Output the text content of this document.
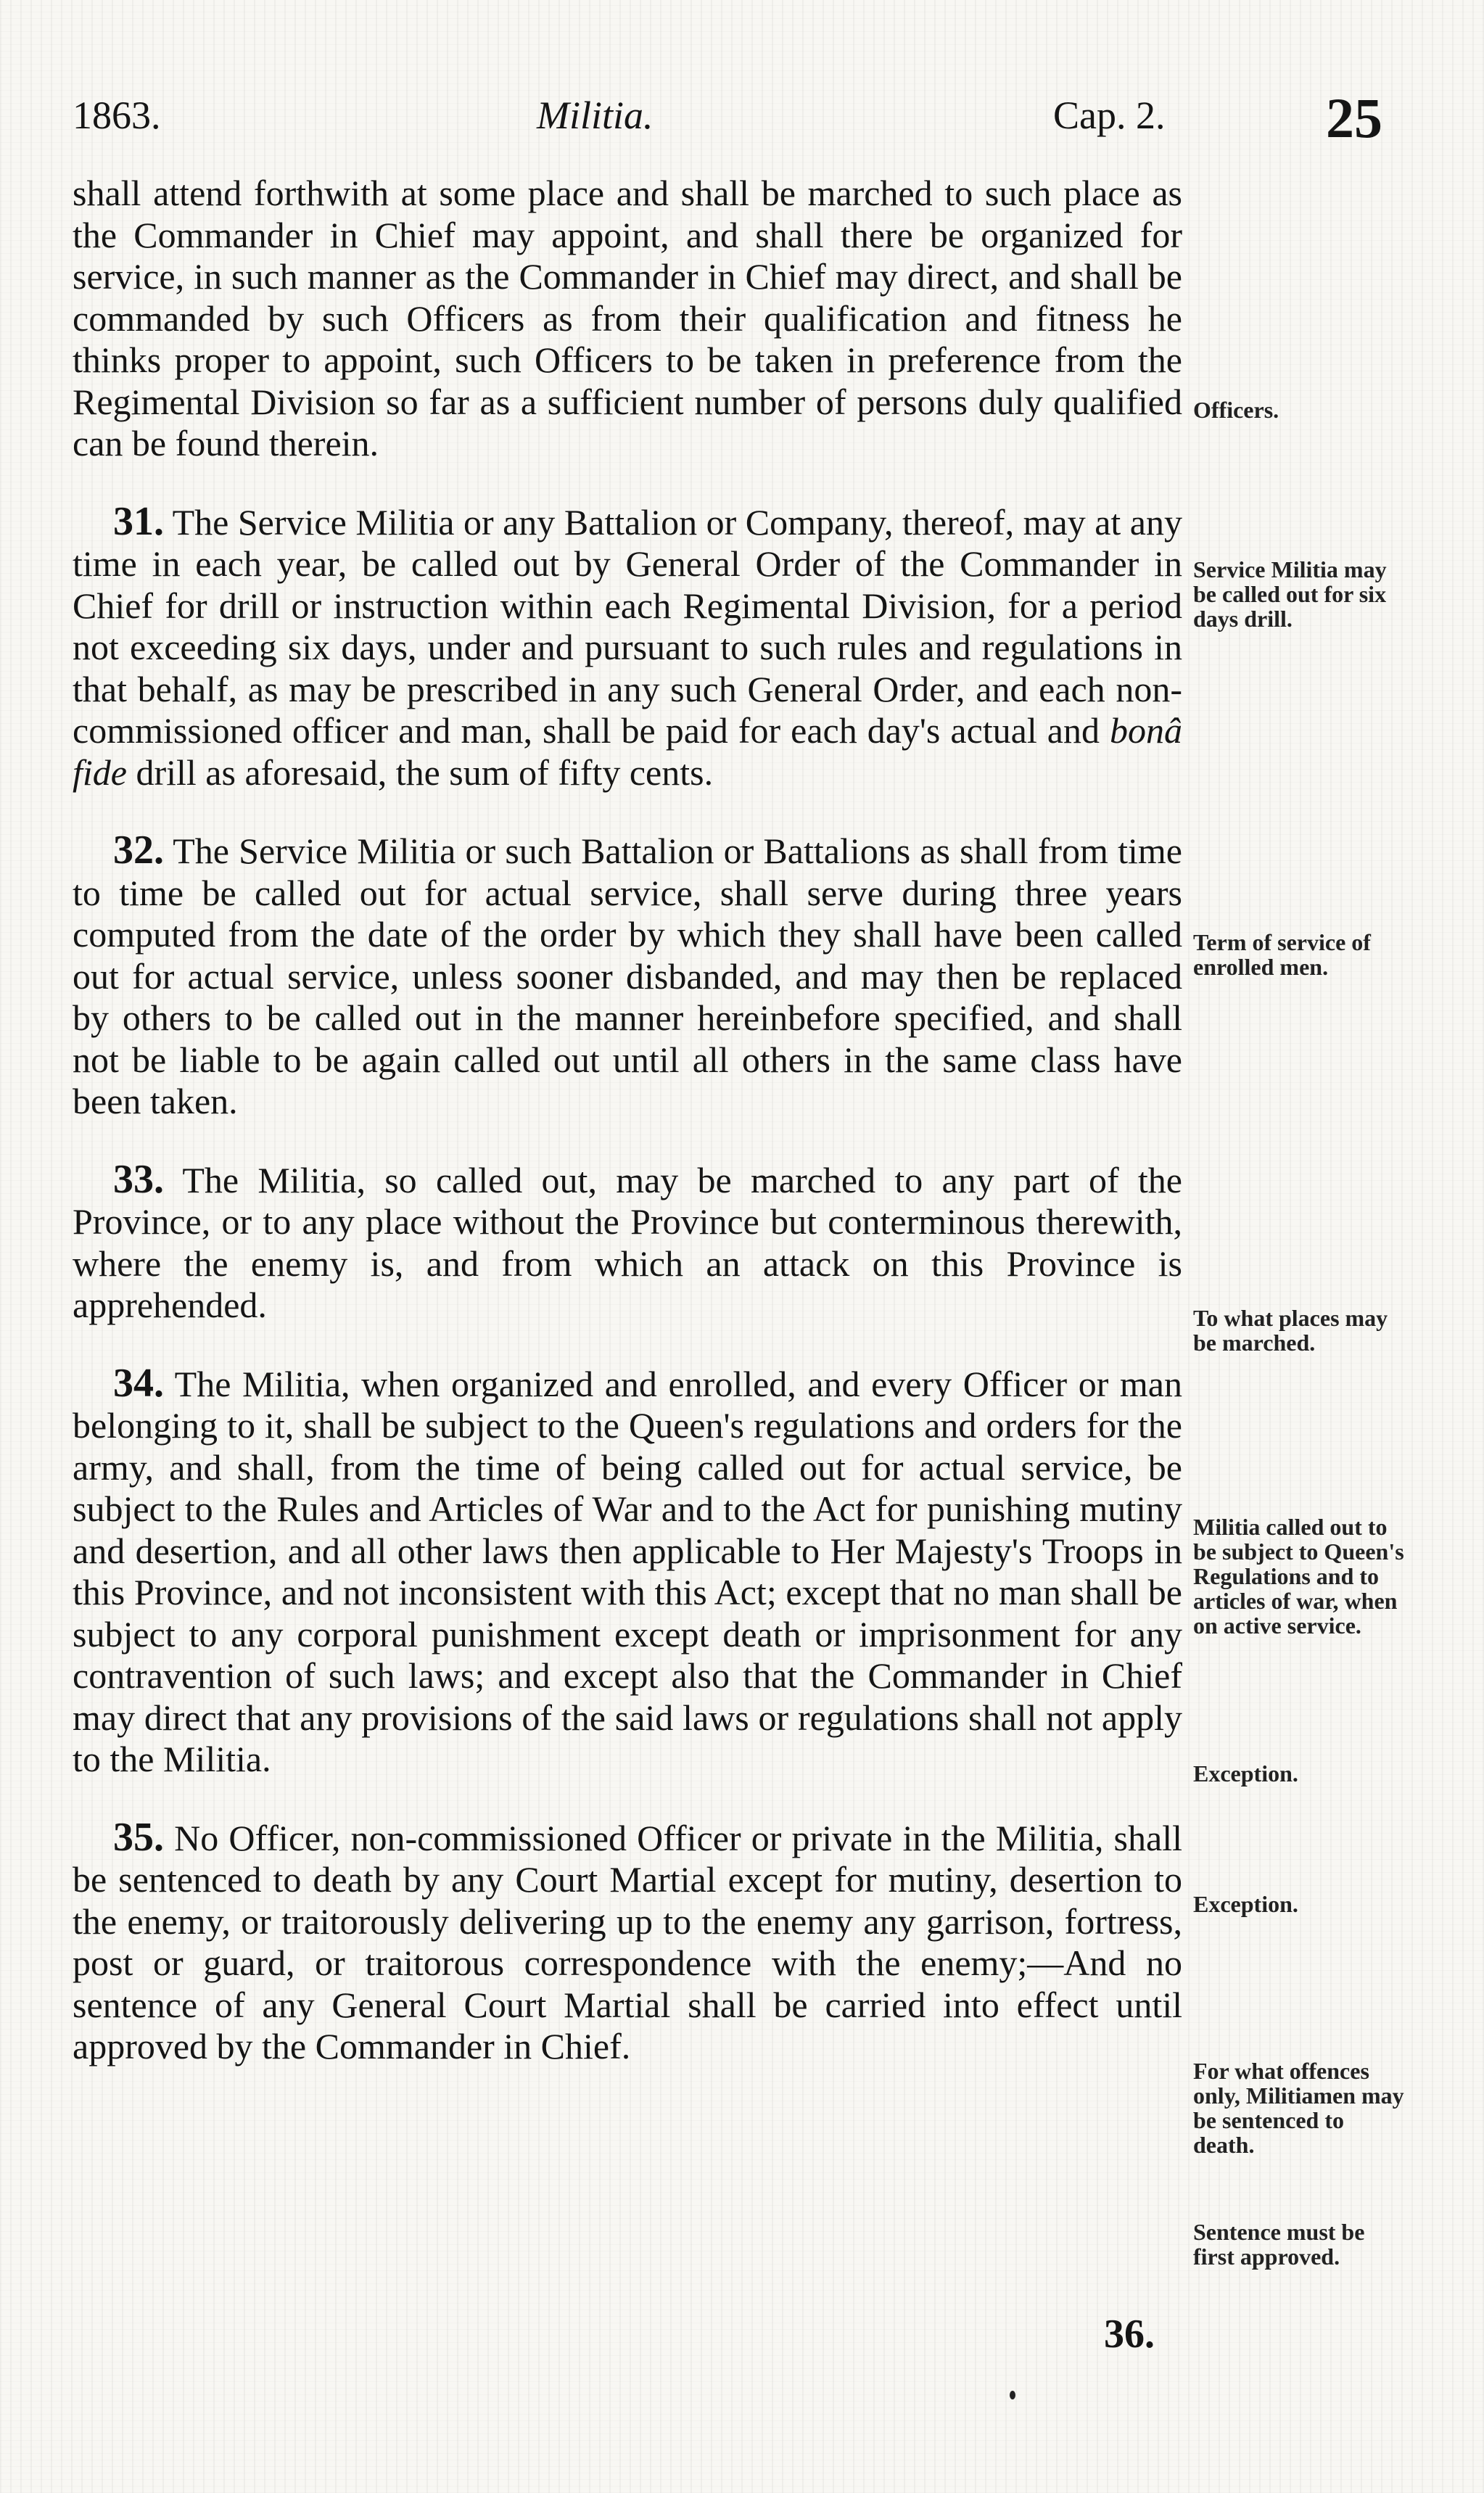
1863.	Militia.	Cap. 2.	25

shall attend forthwith at some place and shall be marched to such place as the Commander in Chief may appoint, and shall there be organized for service, in such manner as the Commander in Chief may direct, and shall be commanded by such Officers as from their qualification and fitness he thinks proper to appoint, such Officers to be taken in preference from the Regimental Division so far as a sufficient number of persons duly qualified can be found therein.

31. The Service Militia or any Battalion or Company, thereof, may at any time in each year, be called out by General Order of the Commander in Chief for drill or instruction within each Regimental Division, for a period not exceeding six days, under and pursuant to such rules and regulations in that behalf, as may be prescribed in any such General Order, and each non-commissioned officer and man, shall be paid for each day's actual and bonâ fide drill as aforesaid, the sum of fifty cents.

32. The Service Militia or such Battalion or Battalions as shall from time to time be called out for actual service, shall serve during three years computed from the date of the order by which they shall have been called out for actual service, unless sooner disbanded, and may then be replaced by others to be called out in the manner hereinbefore specified, and shall not be liable to be again called out until all others in the same class have been taken.

33. The Militia, so called out, may be marched to any part of the Province, or to any place without the Province but conterminous therewith, where the enemy is, and from which an attack on this Province is apprehended.

34. The Militia, when organized and enrolled, and every Officer or man belonging to it, shall be subject to the Queen's regulations and orders for the army, and shall, from the time of being called out for actual service, be subject to the Rules and Articles of War and to the Act for punishing mutiny and desertion, and all other laws then applicable to Her Majesty's Troops in this Province, and not inconsistent with this Act; except that no man shall be subject to any corporal punishment except death or imprisonment for any contravention of such laws; and except also that the Commander in Chief may direct that any provisions of the said laws or regulations shall not apply to the Militia.

35. No Officer, non-commissioned Officer or private in the Militia, shall be sentenced to death by any Court Martial except for mutiny, desertion to the enemy, or traitorously delivering up to the enemy any garrison, fortress, post or guard, or traitorous correspondence with the enemy;—And no sentence of any General Court Martial shall be carried into effect until approved by the Commander in Chief.

Officers.
Service Militia may be called out for six days drill.
Term of service of enrolled men.
To what places may be marched.
Militia called out to be subject to Queen's Regulations and to articles of war, when on active service.
Exception.
Exception.
For what offences only, Militiamen may be sentenced to death.
Sentence must be first approved.
36.
